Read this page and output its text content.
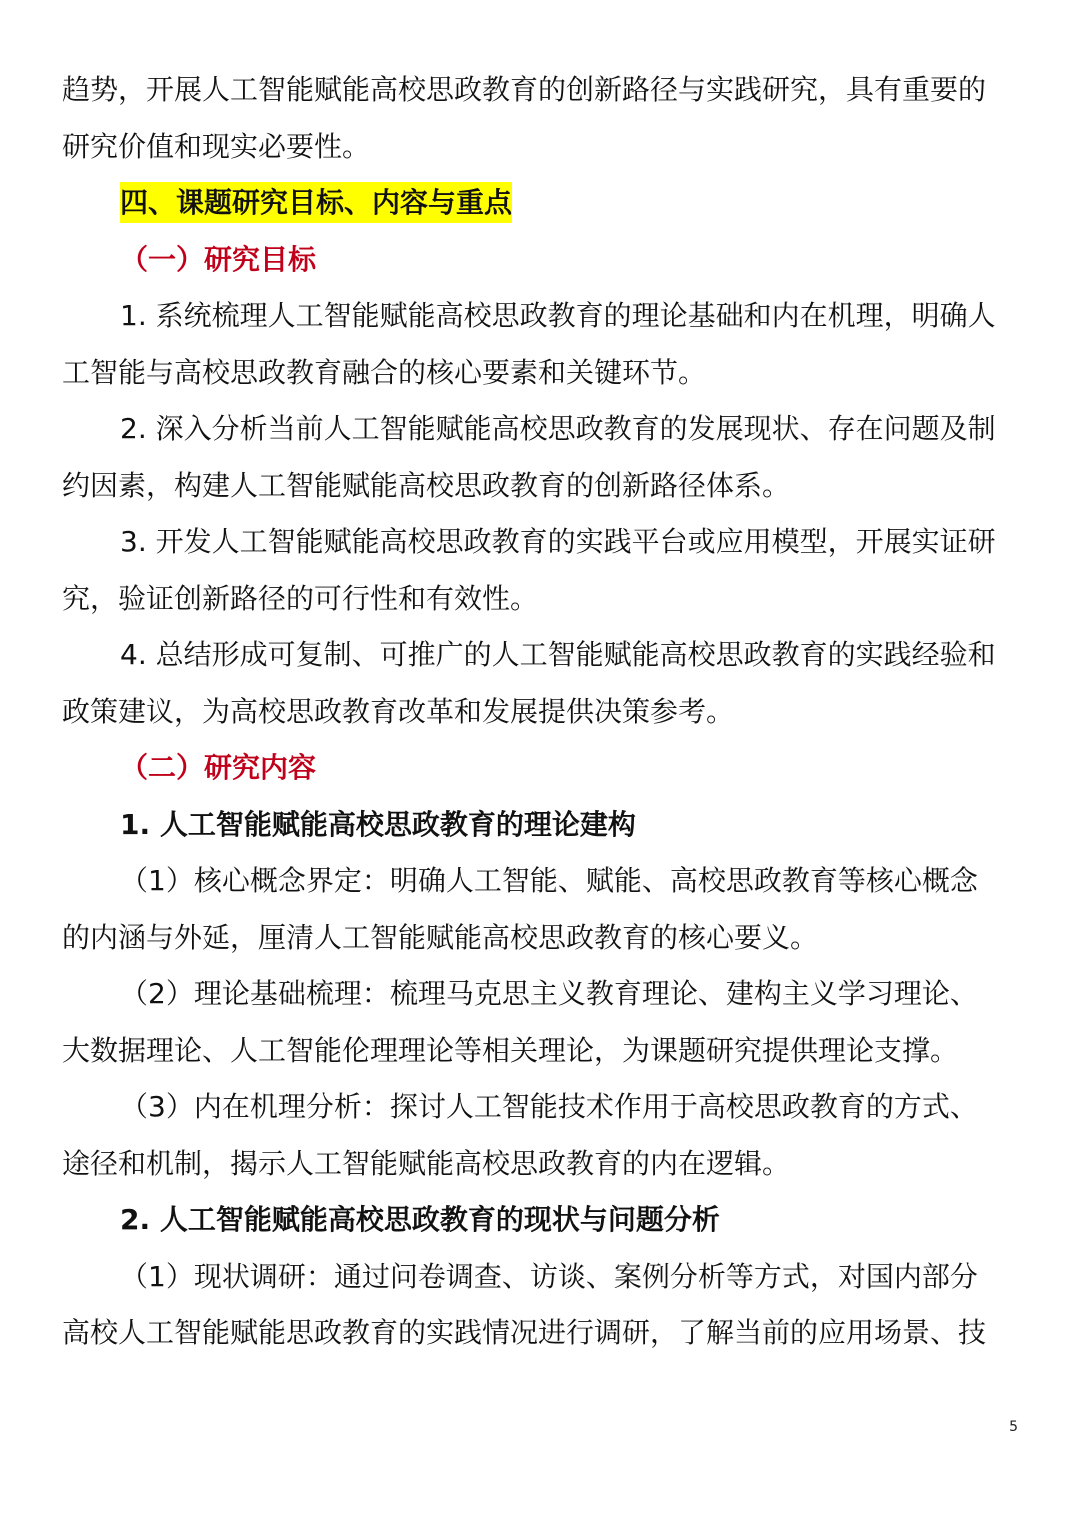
趋势，开展人工智能赋能高校思政教育的创新路径与实践研究，具有重要的
研究价值和现实必要性。
四、课题研究目标、内容与重点
（一）研究目标
1. 系统梳理人工智能赋能高校思政教育的理论基础和内在机理，明确人
工智能与高校思政教育融合的核心要素和关键环节。
2. 深入分析当前人工智能赋能高校思政教育的发展现状、存在问题及制
约因素，构建人工智能赋能高校思政教育的创新路径体系。
3. 开发人工智能赋能高校思政教育的实践平台或应用模型，开展实证研
究，验证创新路径的可行性和有效性。
4. 总结形成可复制、可推广的人工智能赋能高校思政教育的实践经验和
政策建议，为高校思政教育改革和发展提供决策参考。
（二）研究内容
1. 人工智能赋能高校思政教育的理论建构
（1）核心概念界定：明确人工智能、赋能、高校思政教育等核心概念
的内涵与外延，厘清人工智能赋能高校思政教育的核心要义。
（2）理论基础梳理：梳理马克思主义教育理论、建构主义学习理论、
大数据理论、人工智能伦理理论等相关理论，为课题研究提供理论支撑。
（3）内在机理分析：探讨人工智能技术作用于高校思政教育的方式、
途径和机制，揭示人工智能赋能高校思政教育的内在逻辑。
2. 人工智能赋能高校思政教育的现状与问题分析
（1）现状调研：通过问卷调查、访谈、案例分析等方式，对国内部分
高校人工智能赋能思政教育的实践情况进行调研，了解当前的应用场景、技
5
